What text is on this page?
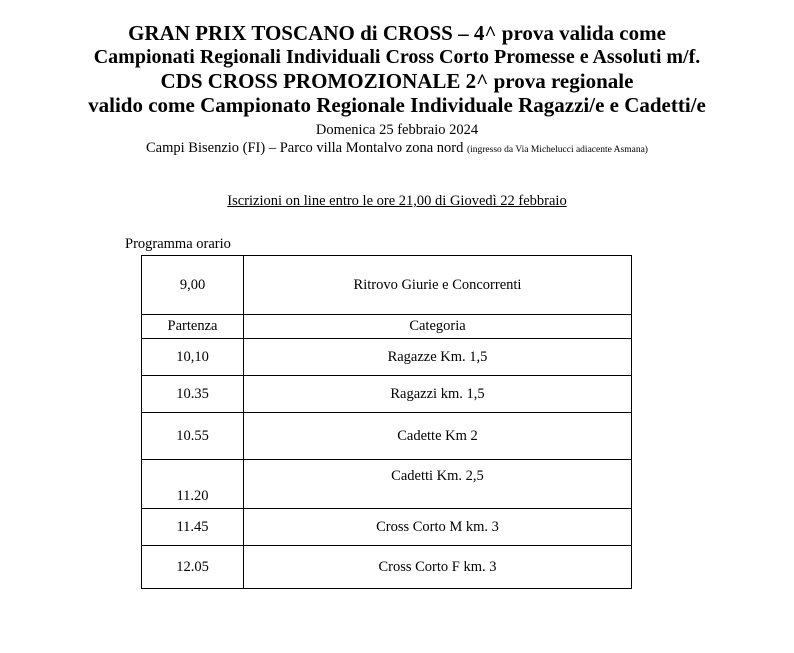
GRAN PRIX TOSCANO di CROSS – 4^ prova valida come
Campionati Regionali Individuali Cross Corto Promesse e Assoluti m/f.
CDS CROSS PROMOZIONALE 2^ prova regionale
valido come Campionato Regionale Individuale Ragazzi/e e Cadetti/e
Domenica 25 febbraio 2024
Campi Bisenzio (FI) – Parco villa Montalvo zona nord (ingresso da Via Michelucci adiacente Asmana)
Iscrizioni on line entro le ore 21,00 di Giovedì 22 febbraio
Programma orario
9,00	Ritrovo Giurie e Concorrenti
Partenza	Categoria
10,10	Ragazze Km. 1,5
10.35	Ragazzi km. 1,5
10.55	Cadette Km 2
11.20	Cadetti Km. 2,5
11.45	Cross Corto M km. 3
12.05	Cross Corto F km. 3
